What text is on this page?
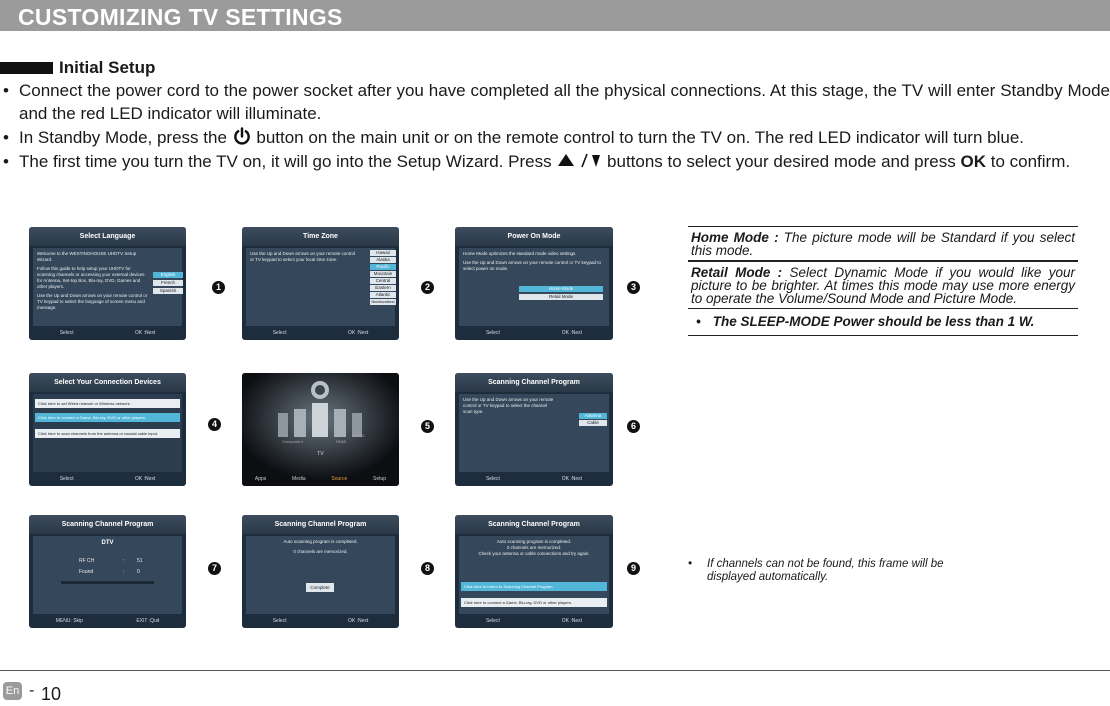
CUSTOMIZING TV SETTINGS
Initial Setup
• Connect the power cord to the power socket after you have completed all the physical connections. At this stage, the TV will enter Standby Mode and the red LED indicator will illuminate.
• In Standby Mode, press the button on the main unit or on the remote control to turn the TV on. The red LED indicator will turn blue.
• The first time you turn the TV on, it will go into the Setup Wizard. Press	buttons to select your desired mode and press OK to confirm.
Select Language
Welcome to the WESTINGHOUSE UHDTV Setup Wizard.
Follow this guide to help setup your UHDTV for scanning channels or accessing your external devices for Antenna, Set-top Box, Blu-ray, DVD, Games and other players.
Use the Up and Down arrows on your remote control or TV keypad to select the language of screen menu and message.
English
French
Spanish
Select	OK :Next
Time Zone
Use the Up and Down arrows on your remote control or TV keypad to select your local time zone.
Hawaii
Alaska
Pacific
Mountain
Central
Eastern
Atlantic
Newfoundland
Select	OK :Next
Power On Mode
Home Mode optimizes the standard mode video settings.
Use the Up and Down arrows on your remote control or TV keypad to select power on mode.
Home Mode
Retail Mode
Select	OK :Next
Select Your Connection Devices
Click here to set Wired network or Wireless network.
Click here to connect a Game, Blu-ray, DVD or other players.
Click here to scan channels from the antenna or coaxial cable input.
Select	OK :Next
TV
Component	HDMI
HDMI2
Apps	Media	Source	Setup
Scanning Channel Program
Use the Up and Down arrows on your remote control or TV keypad to select the channel scan type.
Antenna
Cable
Select	OK :Next
Scanning Channel Program
DTV
RF CH	:	51
Found	:	0
MENU: Skip	EXIT :Quit
Scanning Channel Program
Auto scanning program is completed.
0 channels are memorized.
Complete
Select	OK :Next
Scanning Channel Program
Auto scanning program is completed.
0 channels are memorized.
Check your antenna or cable connections and try again.
Click here to return to Scanning Channel Program.
Click here to connect a Game, Blu-ray, DVD or other players.
Select	OK :Next
1	2	3
4	5	6
7	8	9
Home Mode : The picture mode will be Standard if you select this mode.
Retail Mode : Select Dynamic Mode if you would like your picture to be brighter. At times this mode may use more energy to operate the Volume/Sound Mode and Picture Mode.
• The SLEEP-MODE Power should be less than 1 W.
• If channels can not be found, this frame will be displayed automatically.
En - 10
